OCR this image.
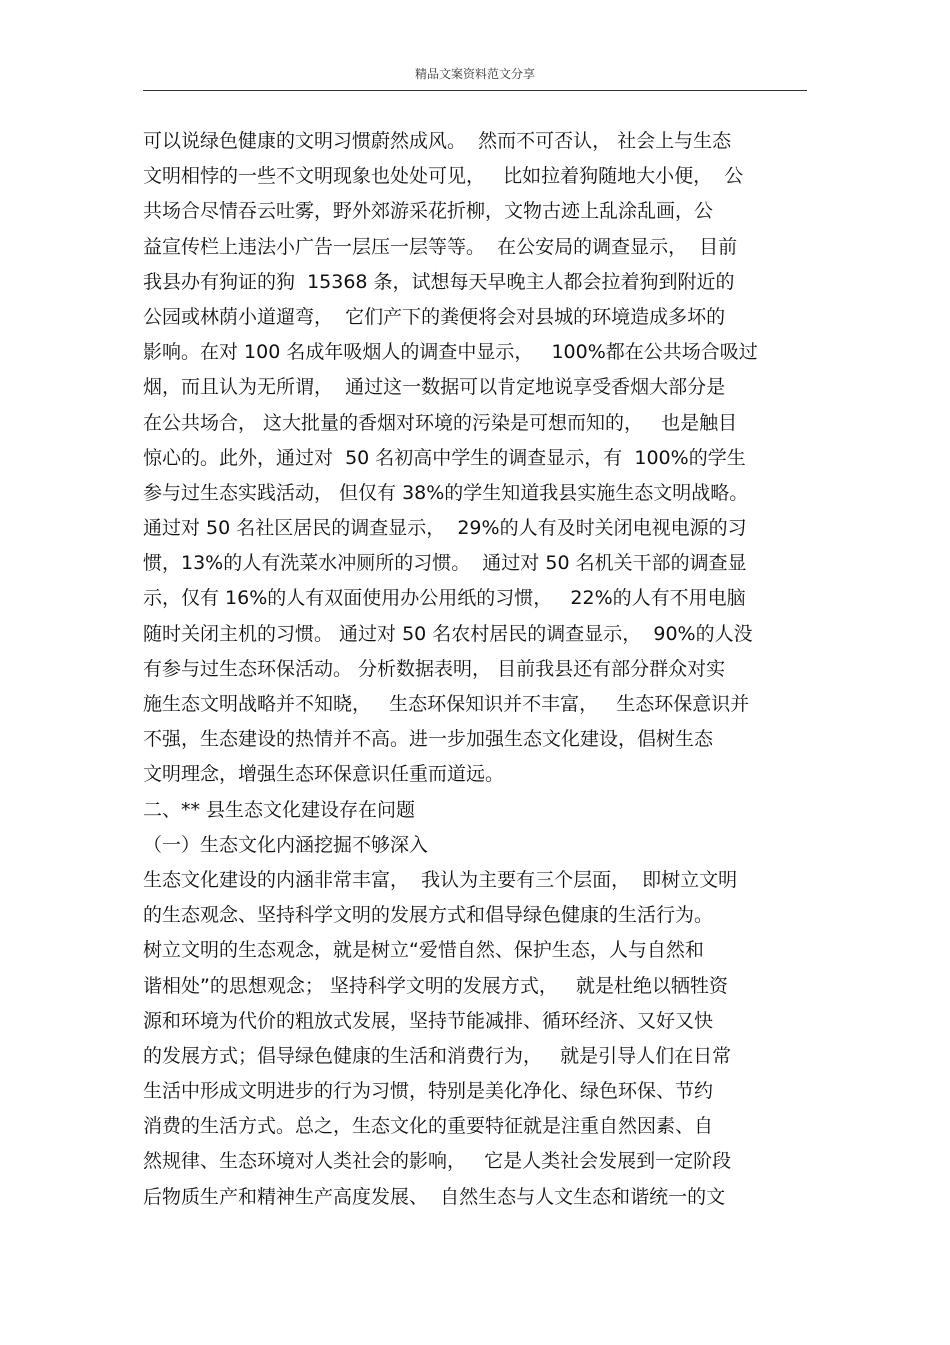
精品文案资料范文分享
可以说绿色健康的文明习惯蔚然成风。  然而不可否认， 社会上与生态
文明相悖的一些不文明现象也处处可见，   比如拉着狗随地大小便，  公
共场合尽情吞云吐雾，野外郊游采花折柳，文物古迹上乱涂乱画，公
益宣传栏上违法小广告一层压一层等等。  在公安局的调查显示，  目前
我县办有狗证的狗  15368 条，试想每天早晚主人都会拉着狗到附近的
公园或林荫小道遛弯，  它们产下的粪便将会对县城的环境造成多坏的
影响。在对 100 名成年吸烟人的调查中显示，   100%都在公共场合吸过
烟，而且认为无所谓，  通过这一数据可以肯定地说享受香烟大部分是
在公共场合， 这大批量的香烟对环境的污染是可想而知的，   也是触目
惊心的。此外，通过对  50 名初高中学生的调查显示，有  100%的学生
参与过生态实践活动， 但仅有 38%的学生知道我县实施生态文明战略。
通过对 50 名社区居民的调查显示，  29%的人有及时关闭电视电源的习
惯，13%的人有洗菜水冲厕所的习惯。  通过对 50 名机关干部的调查显
示，仅有 16%的人有双面使用办公用纸的习惯，   22%的人有不用电脑
随时关闭主机的习惯。 通过对 50 名农村居民的调查显示，  90%的人没
有参与过生态环保活动。 分析数据表明， 目前我县还有部分群众对实
施生态文明战略并不知晓，   生态环保知识并不丰富，   生态环保意识并
不强，生态建设的热情并不高。进一步加强生态文化建设，倡树生态
文明理念，增强生态环保意识任重而道远。
二、** 县生态文化建设存在问题
（一）生态文化内涵挖掘不够深入
生态文化建设的内涵非常丰富，  我认为主要有三个层面，  即树立文明
的生态观念、坚持科学文明的发展方式和倡导绿色健康的生活行为。
树立文明的生态观念，就是树立“爱惜自然、保护生态，人与自然和
谐相处”的思想观念； 坚持科学文明的发展方式，   就是杜绝以牺牲资
源和环境为代价的粗放式发展，坚持节能减排、循环经济、又好又快
的发展方式；倡导绿色健康的生活和消费行为，   就是引导人们在日常
生活中形成文明进步的行为习惯，特别是美化净化、绿色环保、节约
消费的生活方式。总之，生态文化的重要特征就是注重自然因素、自
然规律、生态环境对人类社会的影响，   它是人类社会发展到一定阶段
后物质生产和精神生产高度发展、  自然生态与人文生态和谐统一的文
